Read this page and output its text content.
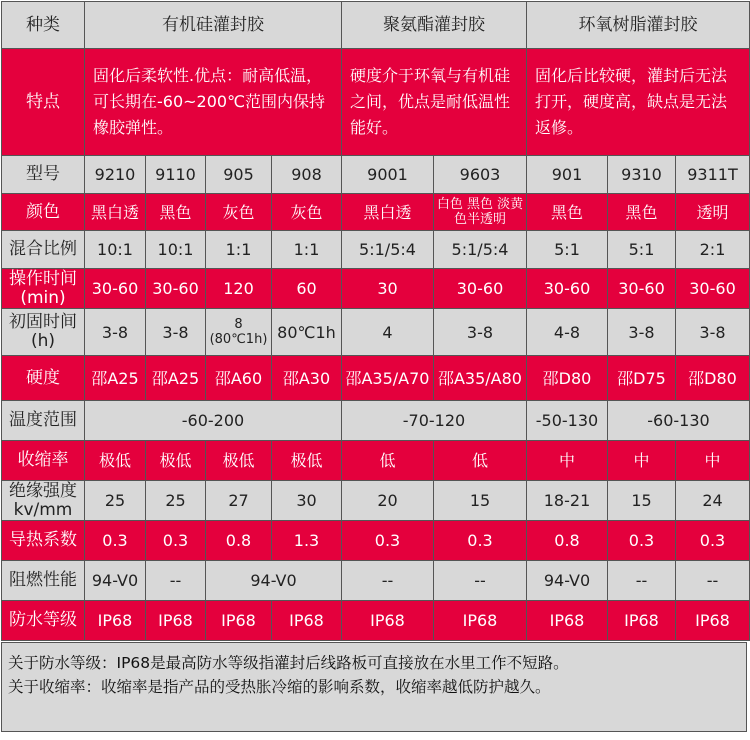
种类	有机硅灌封胶				聚氨酯灌封胶		环氧树脂灌封胶		
特点	固化后柔软性.优点：耐高低温，可长期在-60~200℃范围内保持橡胶弹性。				硬度介于环氧与有机硅之间，优点是耐低温性能好。		固化后比较硬，灌封后无法打开，硬度高，缺点是无法返修。		

型号	9210	9110	905	908	9001	9603	901	9310	9311T

颜色	黑白透	黑色	灰色	灰色	黑白透	白色 黑色 淡黄色半透明	黑色	黑色	透明

混合比例	10:1	10:1	1:1	1:1	5:1/5:4	5:1/5:4	5:1	5:1	2:1

操作时间
(min)	30-60	30-60	120	60	30	30-60	30-60	30-60	30-60

初固时间
(h)	3-8	3-8	8 (80℃1h)	80℃1h	4	3-8	4-8	3-8	3-8

硬度	邵A25	邵A25	邵A60	邵A30	邵A35/A70	邵A35/A80	邵D80	邵D75	邵D80
温度范围	-60-200				-70-120		-50-130	-60-130	

收缩率	极低	极低	极低	极低	低	低	中	中	中

绝缘强度
kv/mm	25	25	27	30	20	15	18-21	15	24

导热系数	0.3	0.3	0.8	1.3	0.3	0.3	0.8	0.3	0.3
阻燃性能	94-V0	--	94-V0		--	--	94-V0	--	--

防水等级	IP68	IP68	IP68	IP68	IP68	IP68	IP68	IP68	IP68
关于防水等级：IP68是最高防水等级指灌封后线路板可直接放在水里工作不短路。
关于收缩率：收缩率是指产品的受热胀冷缩的影响系数，收缩率越低防护越久。
